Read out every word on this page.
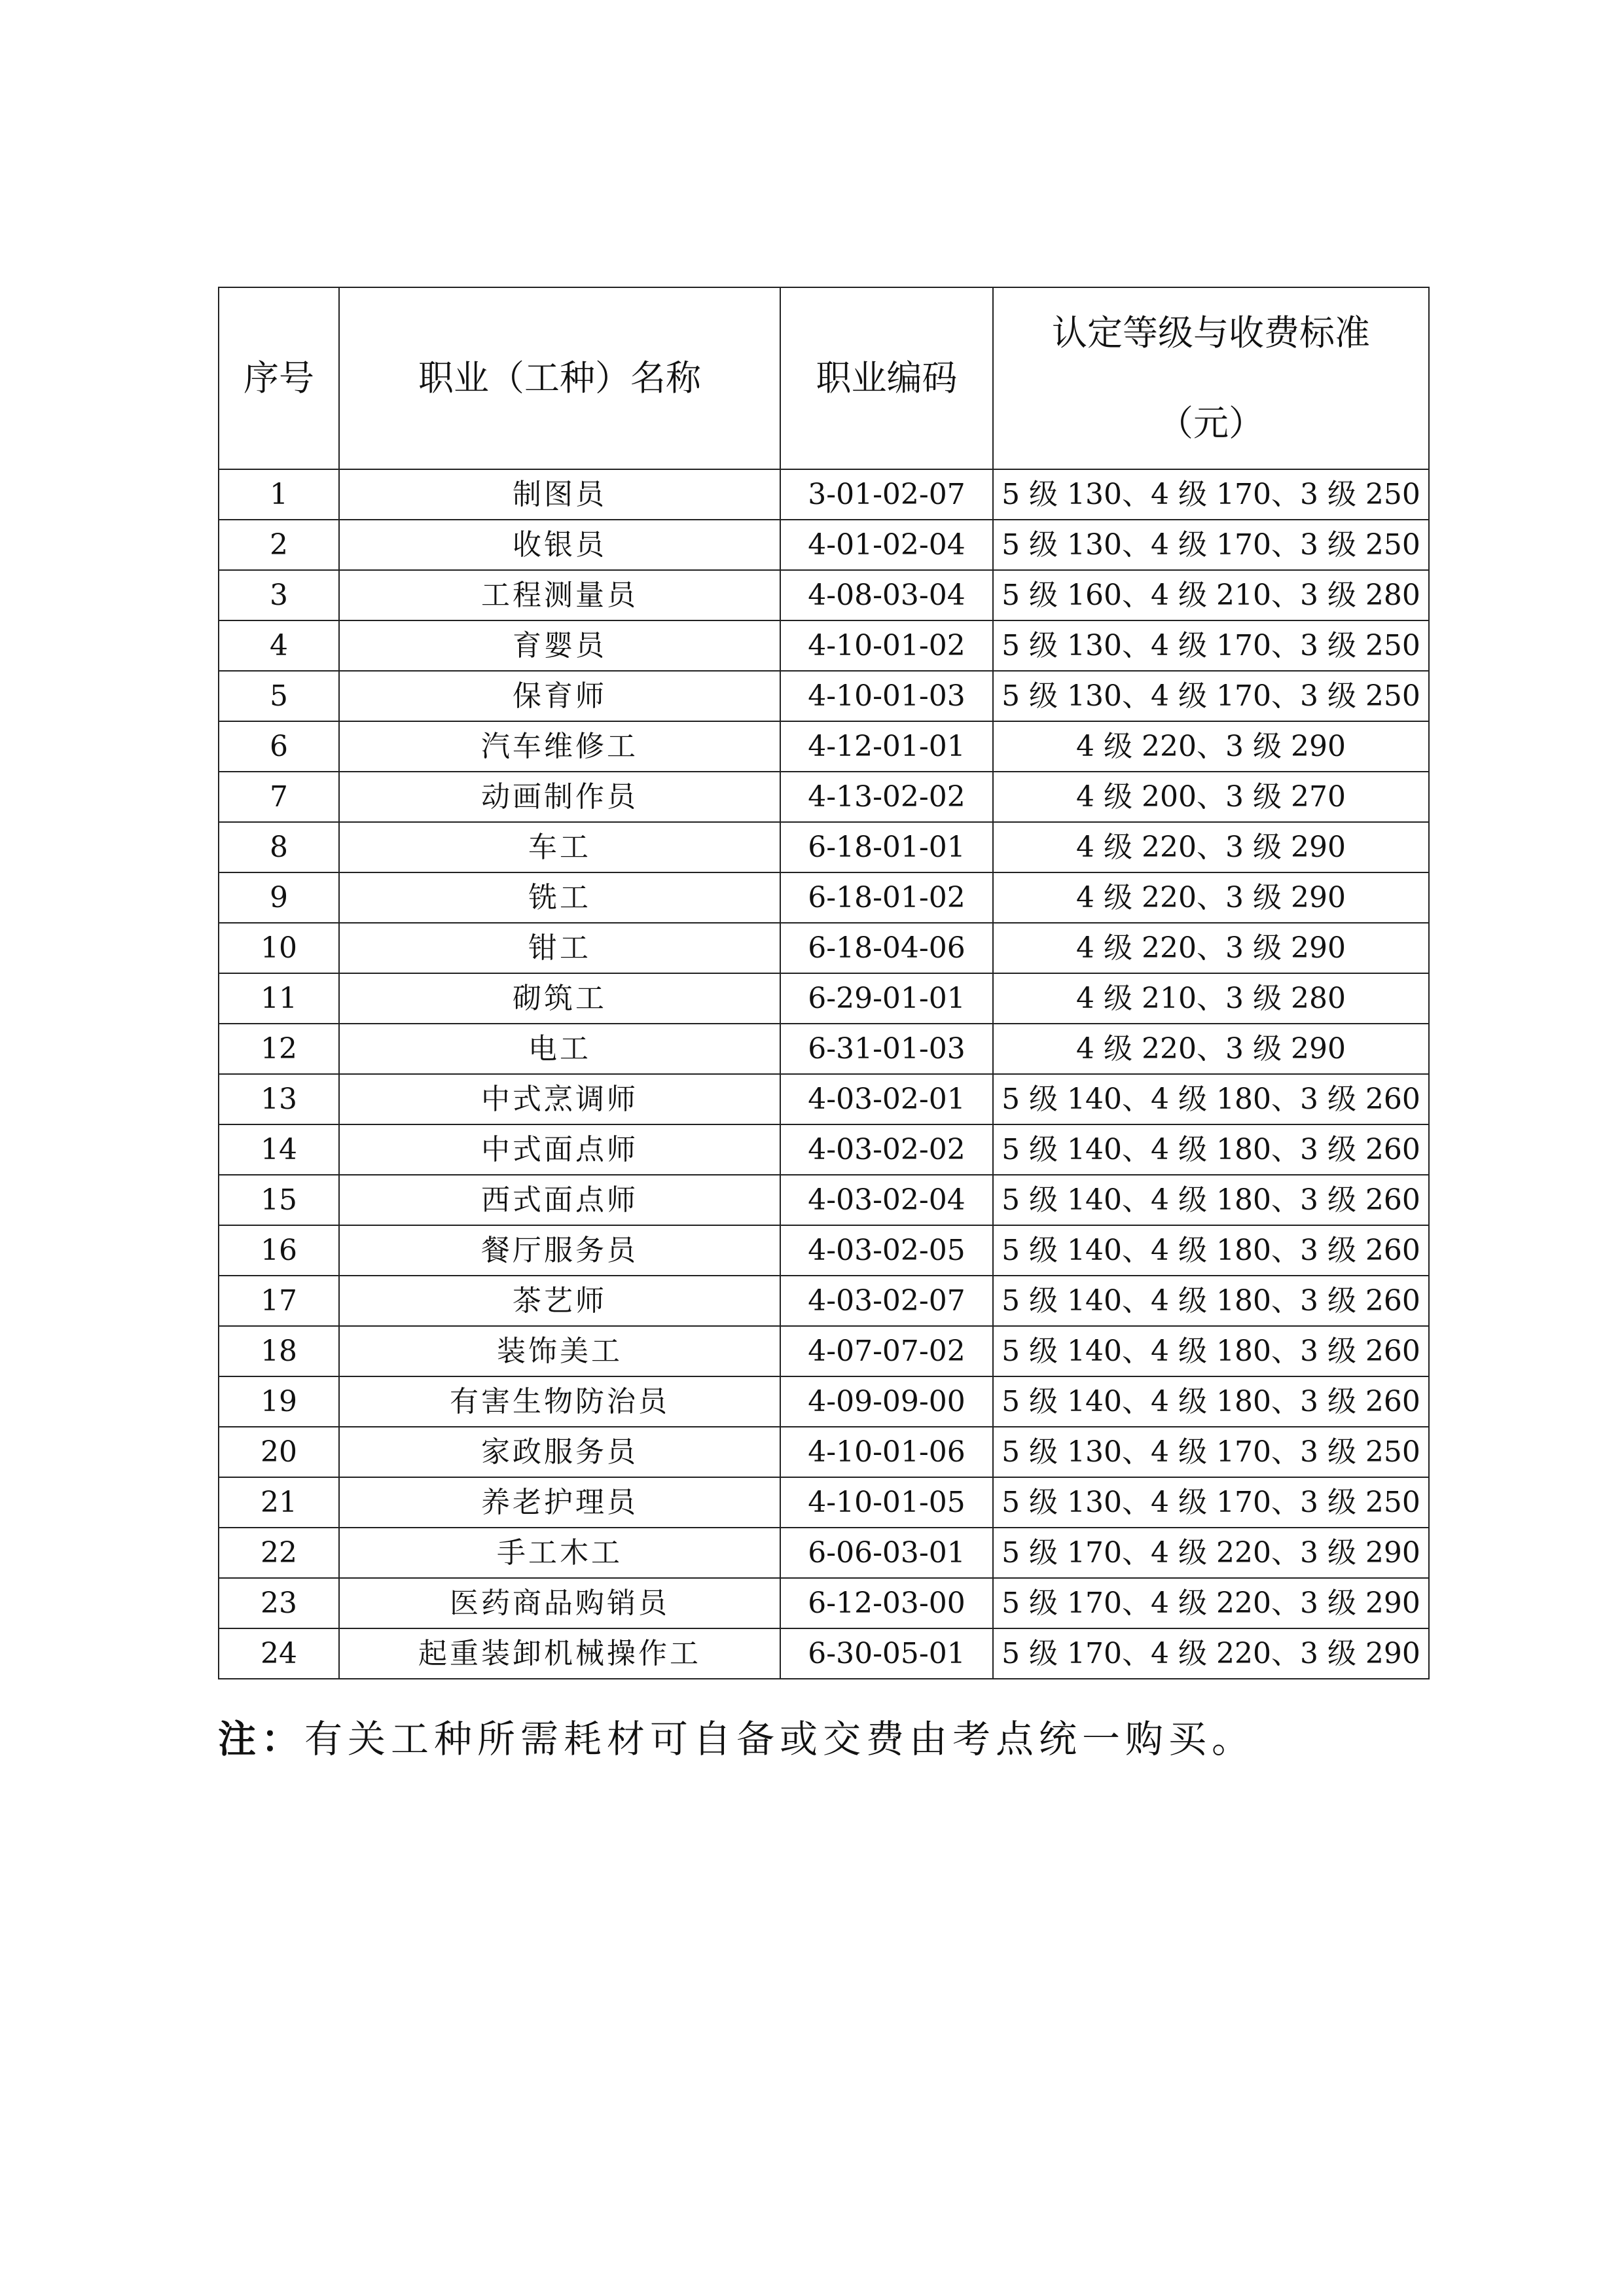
序号	职业（工种）名称	职业编码	认定等级与收费标准
（元）

1	制图员	3-01-02-07	5 级 130、4 级 170、3 级 250
2	收银员	4-01-02-04	5 级 130、4 级 170、3 级 250
3	工程测量员	4-08-03-04	5 级 160、4 级 210、3 级 280
4	育婴员	4-10-01-02	5 级 130、4 级 170、3 级 250
5	保育师	4-10-01-03	5 级 130、4 级 170、3 级 250
6	汽车维修工	4-12-01-01	4 级 220、3 级 290
7	动画制作员	4-13-02-02	4 级 200、3 级 270
8	车工	6-18-01-01	4 级 220、3 级 290
9	铣工	6-18-01-02	4 级 220、3 级 290
10	钳工	6-18-04-06	4 级 220、3 级 290
11	砌筑工	6-29-01-01	4 级 210、3 级 280
12	电工	6-31-01-03	4 级 220、3 级 290
13	中式烹调师	4-03-02-01	5 级 140、4 级 180、3 级 260
14	中式面点师	4-03-02-02	5 级 140、4 级 180、3 级 260
15	西式面点师	4-03-02-04	5 级 140、4 级 180、3 级 260
16	餐厅服务员	4-03-02-05	5 级 140、4 级 180、3 级 260
17	茶艺师	4-03-02-07	5 级 140、4 级 180、3 级 260
18	装饰美工	4-07-07-02	5 级 140、4 级 180、3 级 260
19	有害生物防治员	4-09-09-00	5 级 140、4 级 180、3 级 260
20	家政服务员	4-10-01-06	5 级 130、4 级 170、3 级 250
21	养老护理员	4-10-01-05	5 级 130、4 级 170、3 级 250
22	手工木工	6-06-03-01	5 级 170、4 级 220、3 级 290
23	医药商品购销员	6-12-03-00	5 级 170、4 级 220、3 级 290
24	起重装卸机械操作工	6-30-05-01	5 级 170、4 级 220、3 级 290
注：有关工种所需耗材可自备或交费由考点统一购买。
